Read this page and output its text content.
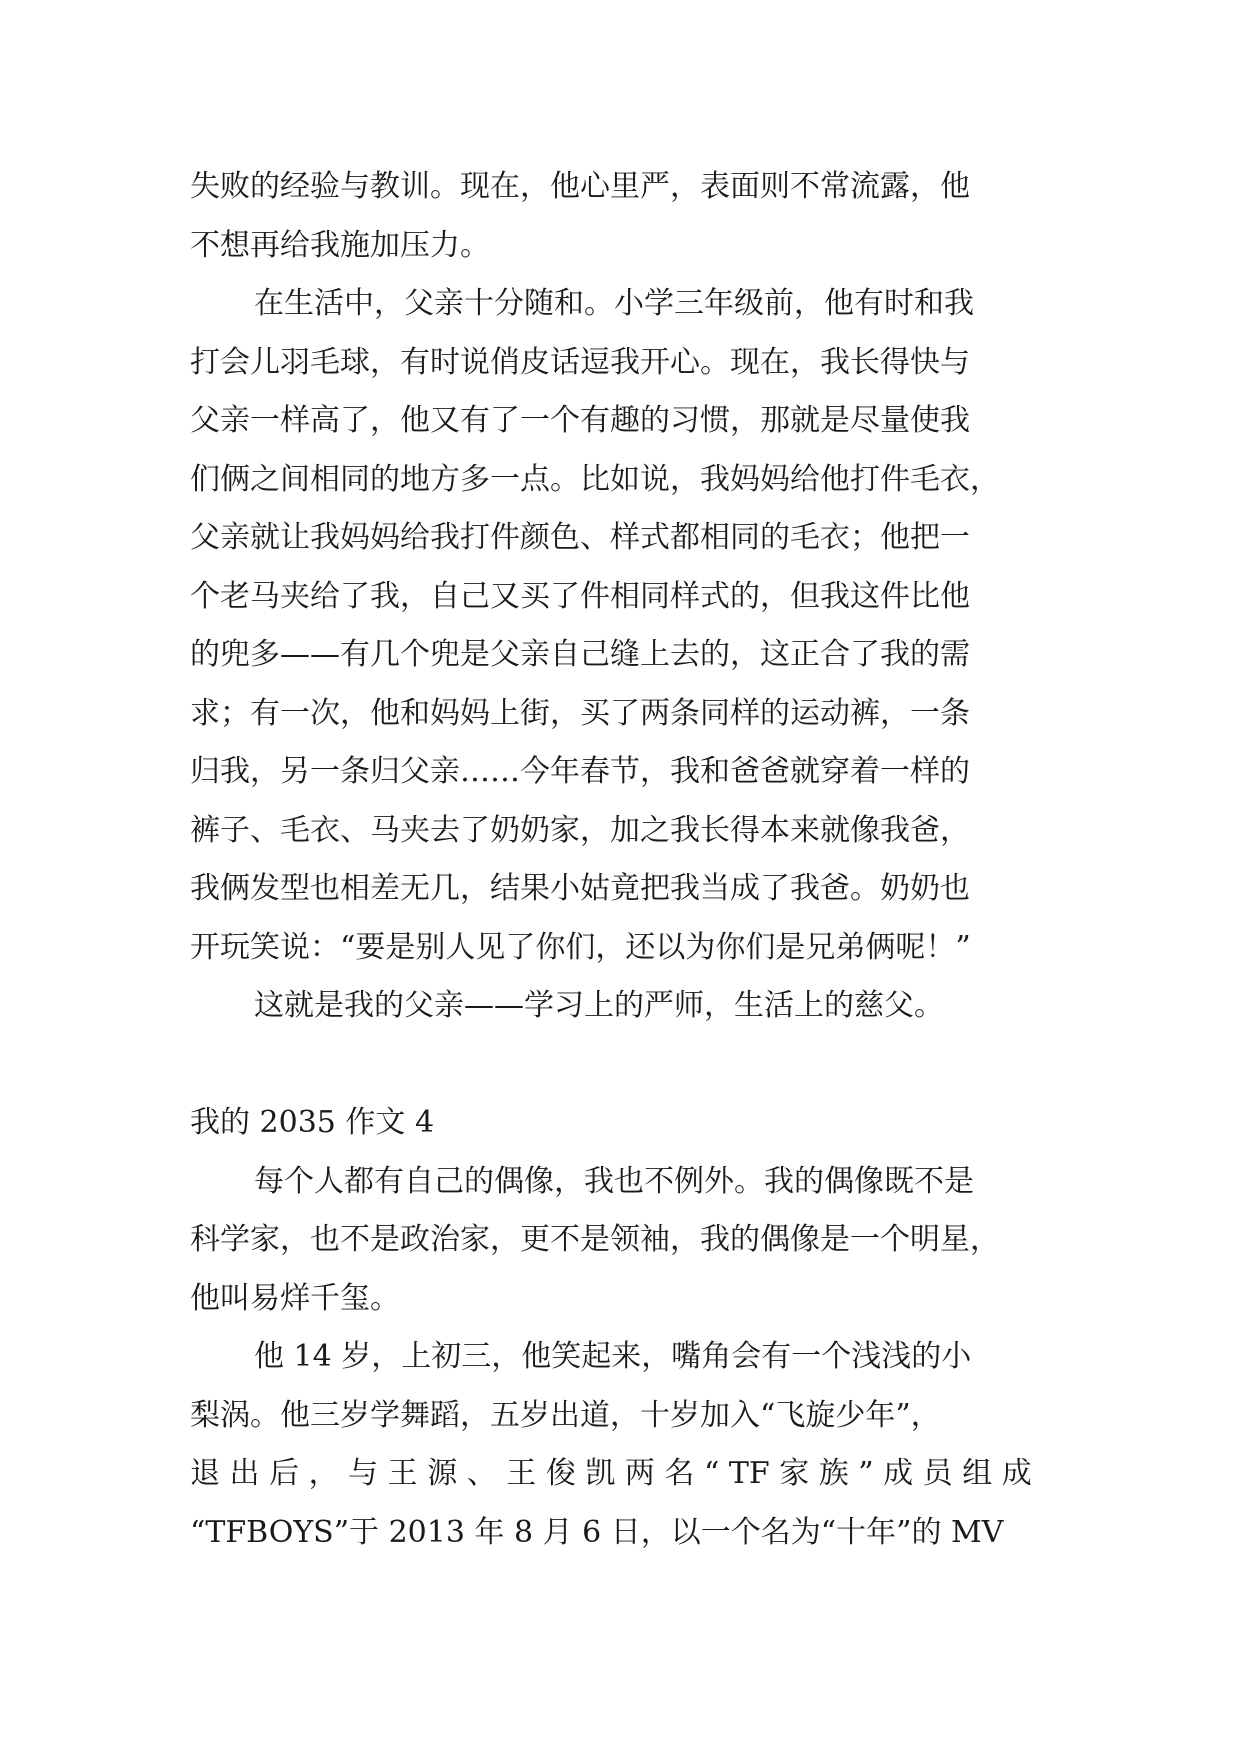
失败的经验与教训。现在，他心里严，表面则不常流露，他
不想再给我施加压力。
在生活中，父亲十分随和。小学三年级前，他有时和我
打会儿羽毛球，有时说俏皮话逗我开心。现在，我长得快与
父亲一样高了，他又有了一个有趣的习惯，那就是尽量使我
们俩之间相同的地方多一点。比如说，我妈妈给他打件毛衣，
父亲就让我妈妈给我打件颜色、样式都相同的毛衣；他把一
个老马夹给了我，自己又买了件相同样式的，但我这件比他
的兜多——有几个兜是父亲自己缝上去的，这正合了我的需
求；有一次，他和妈妈上街，买了两条同样的运动裤，一条
归我，另一条归父亲……今年春节，我和爸爸就穿着一样的
裤子、毛衣、马夹去了奶奶家，加之我长得本来就像我爸，
我俩发型也相差无几，结果小姑竟把我当成了我爸。奶奶也
开玩笑说：“要是别人见了你们，还以为你们是兄弟俩呢！”
这就是我的父亲——学习上的严师，生活上的慈父。
我的 2035 作文 4
每个人都有自己的偶像，我也不例外。我的偶像既不是
科学家，也不是政治家，更不是领袖，我的偶像是一个明星，
他叫易烊千玺。
他 14 岁，上初三，他笑起来，嘴角会有一个浅浅的小
梨涡。他三岁学舞蹈，五岁出道，十岁加入“飞旋少年”，
退 出 后 ， 与 王 源 、 王 俊 凯 两 名 “ TF 家 族 ” 成 员 组 成
“TFBOYS”于 2013 年 8 月 6 日，以一个名为“十年”的 MV
